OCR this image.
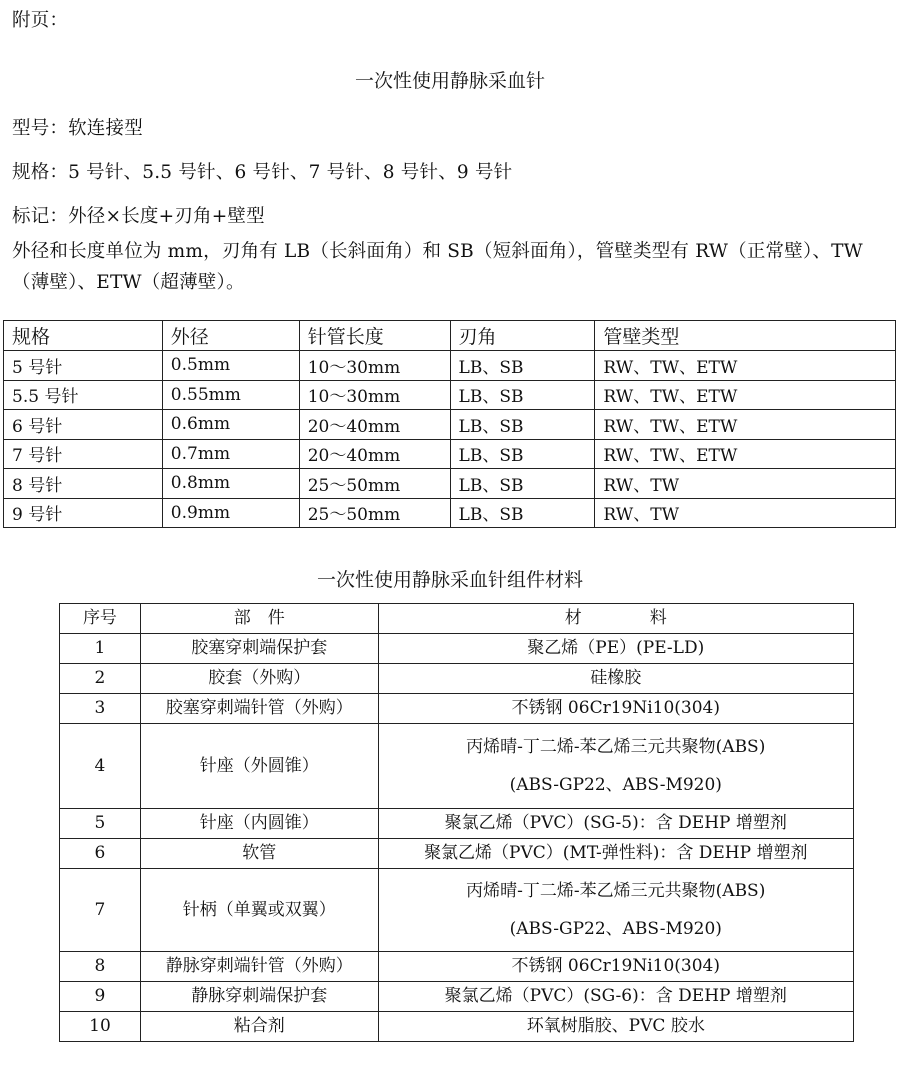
附页：
一次性使用静脉采血针
型号：软连接型
规格：5 号针、5.5 号针、6 号针、7 号针、8 号针、9 号针
标记：外径×长度+刃角+壁型
外径和长度单位为 mm，刃角有 LB（长斜面角）和 SB（短斜面角），管壁类型有 RW（正常壁）、TW（薄壁）、ETW（超薄壁）。
规格	外径	针管长度	刃角	管壁类型
5 号针	0.5mm	10～30mm	LB、SB	RW、TW、ETW
5.5 号针	0.55mm	10～30mm	LB、SB	RW、TW、ETW
6 号针	0.6mm	20～40mm	LB、SB	RW、TW、ETW
7 号针	0.7mm	20～40mm	LB、SB	RW、TW、ETW
8 号针	0.8mm	25～50mm	LB、SB	RW、TW
9 号针	0.9mm	25～50mm	LB、SB	RW、TW
一次性使用静脉采血针组件材料
序号	部　件	材　　　　料
1	胶塞穿刺端保护套	聚乙烯（PE）(PE-LD)
2	胶套（外购）	硅橡胶
3	胶塞穿刺端针管（外购）	不锈钢 06Cr19Ni10(304)
4	针座（外圆锥）	丙烯晴-丁二烯-苯乙烯三元共聚物(ABS)
(ABS-GP22、ABS-M920)

5	针座（内圆锥）	聚氯乙烯（PVC）(SG-5)：含 DEHP 增塑剂
6	软管	聚氯乙烯（PVC）(MT-弹性料)：含 DEHP 增塑剂
7	针柄（单翼或双翼）	丙烯晴-丁二烯-苯乙烯三元共聚物(ABS)
(ABS-GP22、ABS-M920)

8	静脉穿刺端针管（外购）	不锈钢 06Cr19Ni10(304)
9	静脉穿刺端保护套	聚氯乙烯（PVC）(SG-6)：含 DEHP 增塑剂
10	粘合剂	环氧树脂胶、PVC 胶水
